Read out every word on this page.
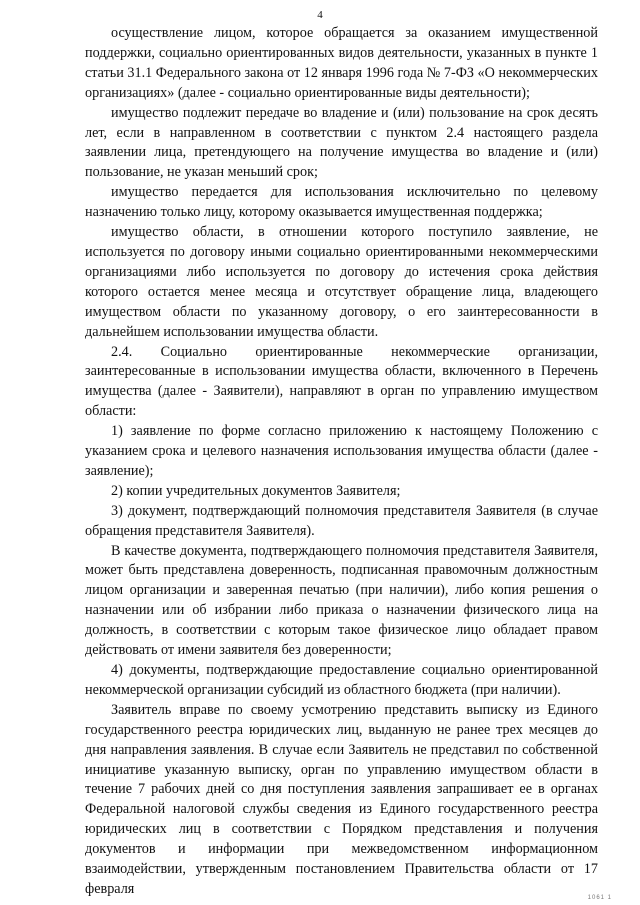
4

осуществление лицом, которое обращается за оказанием имущественной поддержки, социально ориентированных видов деятельности, указанных в пункте 1 статьи 31.1 Федерального закона от 12 января 1996 года № 7-ФЗ «О некоммерческих организациях» (далее - социально ориентированные виды деятельности);

имущество подлежит передаче во владение и (или) пользование на срок десять лет, если в направленном в соответствии с пунктом 2.4 настоящего раздела заявлении лица, претендующего на получение имущества во владение и (или) пользование, не указан меньший срок;

имущество передается для использования исключительно по целевому назначению только лицу, которому оказывается имущественная поддержка;

имущество области, в отношении которого поступило заявление, не используется по договору иными социально ориентированными некоммерческими организациями либо используется по договору до истечения срока действия которого остается менее месяца и отсутствует обращение лица, владеющего имуществом области по указанному договору, о его заинтересованности в дальнейшем использовании имущества области.

2.4. Социально ориентированные некоммерческие организации, заинтересованные в использовании имущества области, включенного в Перечень имущества (далее - Заявители), направляют в орган по управлению имуществом области:

1) заявление по форме согласно приложению к настоящему Положению с указанием срока и целевого назначения использования имущества области (далее - заявление);

2) копии учредительных документов Заявителя;

3) документ, подтверждающий полномочия представителя Заявителя (в случае обращения представителя Заявителя).

В качестве документа, подтверждающего полномочия представителя Заявителя, может быть представлена доверенность, подписанная правомочным должностным лицом организации и заверенная печатью (при наличии), либо копия решения о назначении или об избрании либо приказа о назначении физического лица на должность, в соответствии с которым такое физическое лицо обладает правом действовать от имени заявителя без доверенности;

4) документы, подтверждающие предоставление социально ориентированной некоммерческой организации субсидий из областного бюджета (при наличии).

Заявитель вправе по своему усмотрению представить выписку из Единого государственного реестра юридических лиц, выданную не ранее трех месяцев до дня направления заявления. В случае если Заявитель не представил по собственной инициативе указанную выписку, орган по управлению имуществом области в течение 7 рабочих дней со дня поступления заявления запрашивает ее в органах Федеральной налоговой службы сведения из Единого государственного реестра юридических лиц в соответствии с Порядком представления и получения документов и информации при межведомственном информационном взаимодействии, утвержденным постановлением Правительства области от 17 февраля

1061 1
